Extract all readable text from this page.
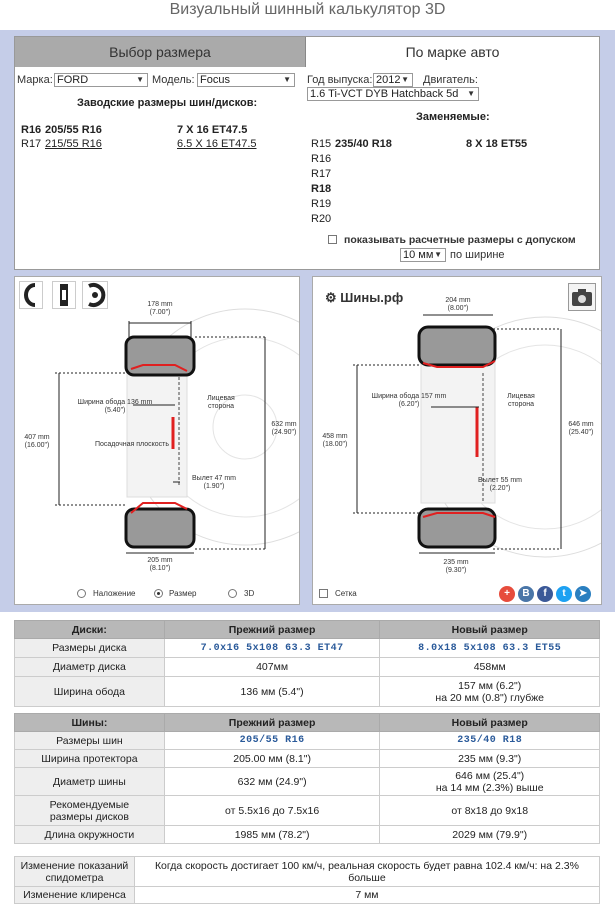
Визуальный шинный калькулятор 3D
Выбор размера	По марке авто
Марка: FORD	▼ Модель: Focus	▼ Год выпуска: 2012 ▼ Двигатель:
1.6 Ti-VCT DYB Hatchback 5d ▼
Заводские размеры шин/дисков:
Заменяемые:
R16 205/55 R16	7 X 16 ET47.5
R17 215/55 R16	6.5 X 16 ET47.5	R15 235/40 R18	8 X 18 ET55
R16
R17
R18
R19
R20
показывать расчетные размеры с допуском
10 мм ▼ по ширине
178 mm
(7.00")
Ширина обода 136 mm
(5.40")
407 mm
(16.00")
Лицевая
сторона
Посадочная плоскость
Вылет 47 mm
(1.90")
632 mm
(24.90")
205 mm
(8.10")
Наложение	Размер	3D
⚙ Шины.рф	204 mm
(8.00")
Ширина обода 157 mm
(6.20")
458 mm
(18.00")
Лицевая
сторона
Вылет 55 mm
(2.20")
646 mm
(25.40")
235 mm
(9.30")
Сетка	+	B	f	t	➤
Диски:	Прежний размер	Новый размер
Размеры диска	7.0x16 5x108 63.3 ET47	8.0x18 5x108 63.3 ET55
Диаметр диска	407мм	458мм
Ширина обода	136 мм (5.4")	157 мм (6.2")
на 20 мм (0.8") глубже
Шины:	Прежний размер	Новый размер
Размеры шин	205/55 R16	235/40 R18
Ширина протектора	205.00 мм (8.1")	235 мм (9.3")
Диаметр шины	632 мм (24.9")	646 мм (25.4")
на 14 мм (2.3%) выше
Рекомендуемые
размеры дисков	от 5.5x16 до 7.5x16	от 8x18 до 9x18
Длина окружности	1985 мм (78.2")	2029 мм (79.9")
Изменение показаний
спидометра	Когда скорость достигает 100 км/ч, реальная скорость будет равна 102.4 км/ч: на 2.3%
больше
Изменение клиренса	7 мм
